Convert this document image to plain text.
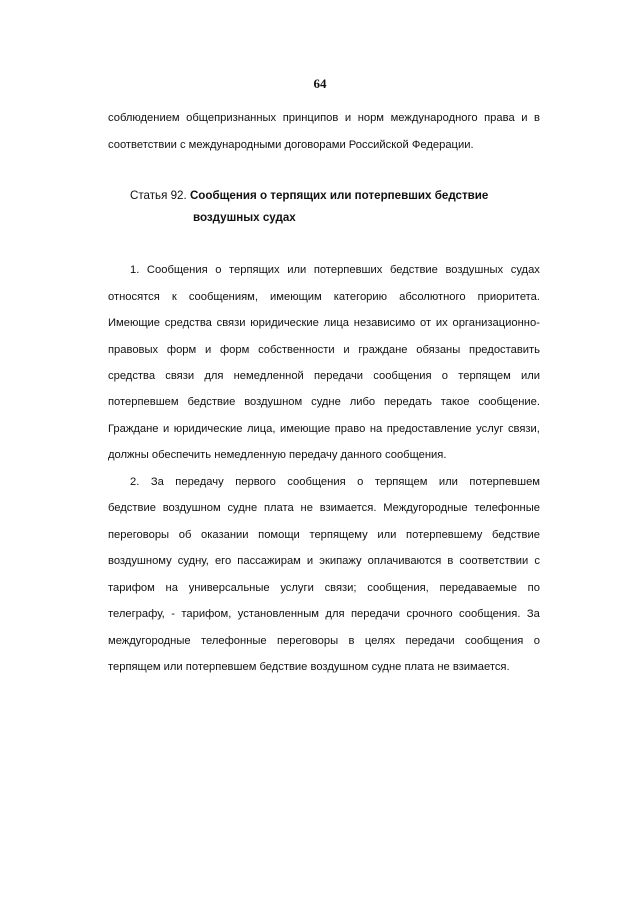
64
соблюдением общепризнанных принципов и норм международного права и в
соответствии с международными договорами Российской Федерации.
Статья 92. Сообщения о терпящих или потерпевших бедствие
воздушных судах
1. Сообщения о терпящих или потерпевших бедствие воздушных судах
относятся к сообщениям, имеющим категорию абсолютного приоритета.
Имеющие средства связи юридические лица независимо от их организационно-
правовых форм и форм собственности и граждане обязаны предоставить
средства связи для немедленной передачи сообщения о терпящем или
потерпевшем бедствие воздушном судне либо передать такое сообщение.
Граждане и юридические лица, имеющие право на предоставление услуг связи,
должны обеспечить немедленную передачу данного сообщения.
2. За передачу первого сообщения о терпящем или потерпевшем
бедствие воздушном судне плата не взимается. Междугородные телефонные
переговоры об оказании помощи терпящему или потерпевшему бедствие
воздушному судну, его пассажирам и экипажу оплачиваются в соответствии с
тарифом на универсальные услуги связи; сообщения, передаваемые по
телеграфу, - тарифом, установленным для передачи срочного сообщения. За
междугородные телефонные переговоры в целях передачи сообщения о
терпящем или потерпевшем бедствие воздушном судне плата не взимается.
